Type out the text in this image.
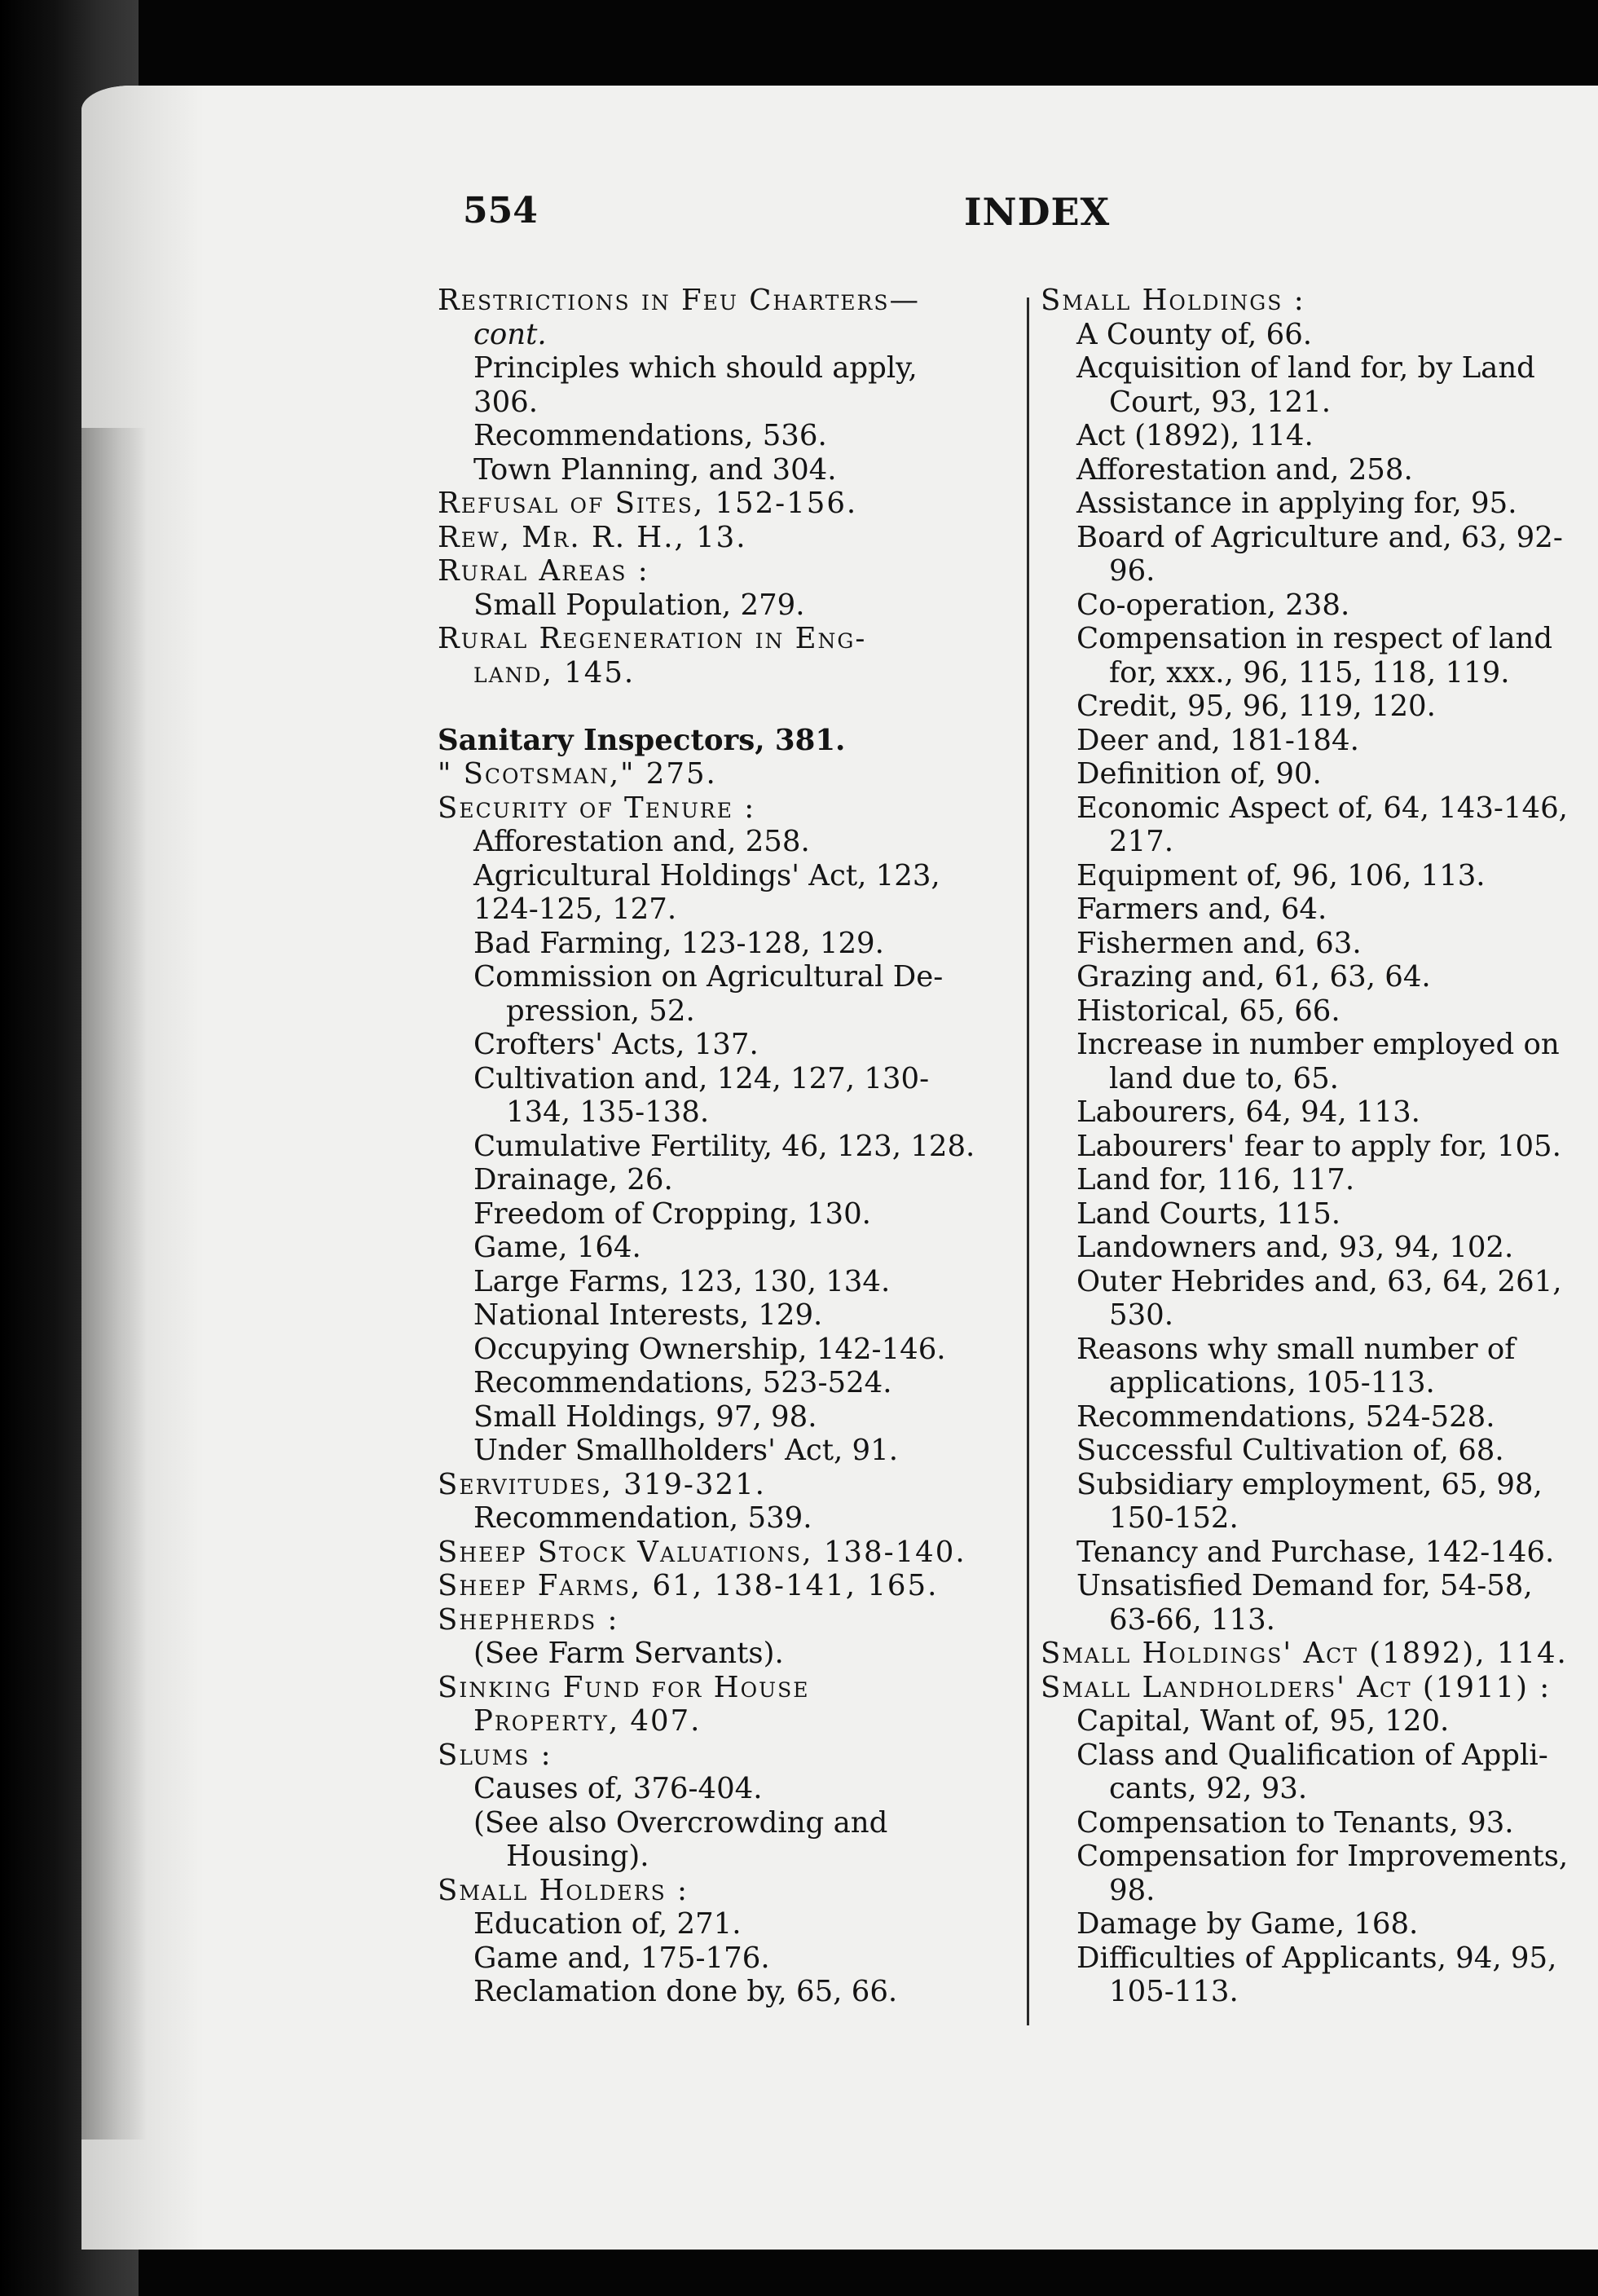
554	INDEX
Restrictions in Feu Charters—
cont.
Principles which should apply,
306.
Recommendations, 536.
Town Planning, and 304.
Refusal of Sites, 152-156.
Rew, Mr. R. H., 13.
Rural Areas :
Small Population, 279.
Rural Regeneration in Eng-
land, 145.
Sanitary Inspectors, 381.
" Scotsman," 275.
Security of Tenure :
Afforestation and, 258.
Agricultural Holdings' Act, 123,
124-125, 127.
Bad Farming, 123-128, 129.
Commission on Agricultural De-
pression, 52.
Crofters' Acts, 137.
Cultivation and, 124, 127, 130-
134, 135-138.
Cumulative Fertility, 46, 123, 128.
Drainage, 26.
Freedom of Cropping, 130.
Game, 164.
Large Farms, 123, 130, 134.
National Interests, 129.
Occupying Ownership, 142-146.
Recommendations, 523-524.
Small Holdings, 97, 98.
Under Smallholders' Act, 91.
Servitudes, 319-321.
Recommendation, 539.
Sheep Stock Valuations, 138-140.
Sheep Farms, 61, 138-141, 165.
Shepherds :
(See Farm Servants).
Sinking Fund for House
Property, 407.
Slums :
Causes of, 376-404.
(See also Overcrowding and
Housing).
Small Holders :
Education of, 271.
Game and, 175-176.
Reclamation done by, 65, 66.
Small Holdings :
A County of, 66.
Acquisition of land for, by Land
Court, 93, 121.
Act (1892), 114.
Afforestation and, 258.
Assistance in applying for, 95.
Board of Agriculture and, 63, 92-
96.
Co-operation, 238.
Compensation in respect of land
for, xxx., 96, 115, 118, 119.
Credit, 95, 96, 119, 120.
Deer and, 181-184.
Definition of, 90.
Economic Aspect of, 64, 143-146,
217.
Equipment of, 96, 106, 113.
Farmers and, 64.
Fishermen and, 63.
Grazing and, 61, 63, 64.
Historical, 65, 66.
Increase in number employed on
land due to, 65.
Labourers, 64, 94, 113.
Labourers' fear to apply for, 105.
Land for, 116, 117.
Land Courts, 115.
Landowners and, 93, 94, 102.
Outer Hebrides and, 63, 64, 261,
530.
Reasons why small number of
applications, 105-113.
Recommendations, 524-528.
Successful Cultivation of, 68.
Subsidiary employment, 65, 98,
150-152.
Tenancy and Purchase, 142-146.
Unsatisfied Demand for, 54-58,
63-66, 113.
Small Holdings' Act (1892), 114.
Small Landholders' Act (1911) :
Capital, Want of, 95, 120.
Class and Qualification of Appli-
cants, 92, 93.
Compensation to Tenants, 93.
Compensation for Improvements,
98.
Damage by Game, 168.
Difficulties of Applicants, 94, 95,
105-113.
